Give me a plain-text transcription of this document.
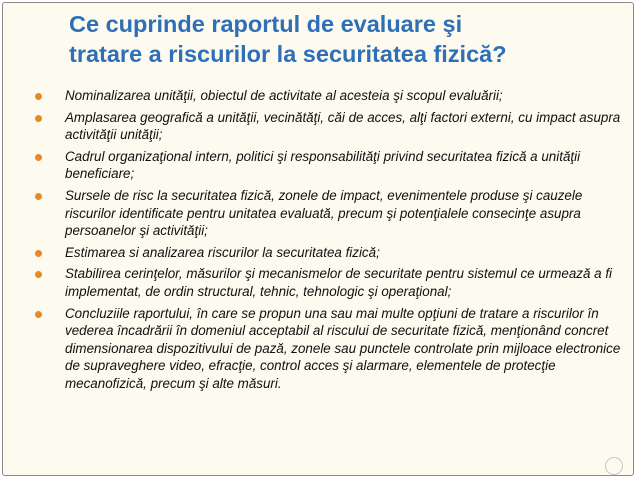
Ce cuprinde raportul de evaluare şi
tratare a riscurilor la securitatea fizică?
Nominalizarea unităţii, obiectul de activitate al acesteia şi scopul evaluării;
Amplasarea geografică a unităţii, vecinătăţi, căi de acces, alţi factori externi, cu impact asupra activităţii unităţii;
Cadrul organizaţional intern, politici şi responsabilităţi privind securitatea fizică a unităţii beneficiare;
Sursele de risc la securitatea fizică, zonele de impact, evenimentele produse şi cauzele riscurilor identificate pentru unitatea evaluată, precum şi potenţialele consecinţe asupra persoanelor şi activităţii;
Estimarea si analizarea riscurilor la securitatea fizică;
Stabilirea cerinţelor, măsurilor şi mecanismelor de securitate pentru sistemul ce urmează a fi implementat, de ordin structural, tehnic, tehnologic şi operaţional;
Concluziile raportului, în care se propun una sau mai multe opţiuni de tratare a riscurilor în vederea încadrării în domeniul acceptabil al riscului de securitate fizică, menţionând concret dimensionarea dispozitivului de pază, zonele sau punctele controlate prin mijloace electronice de supraveghere video, efracţie, control acces şi alarmare, elementele de protecţie mecanofizică, precum şi alte măsuri.
